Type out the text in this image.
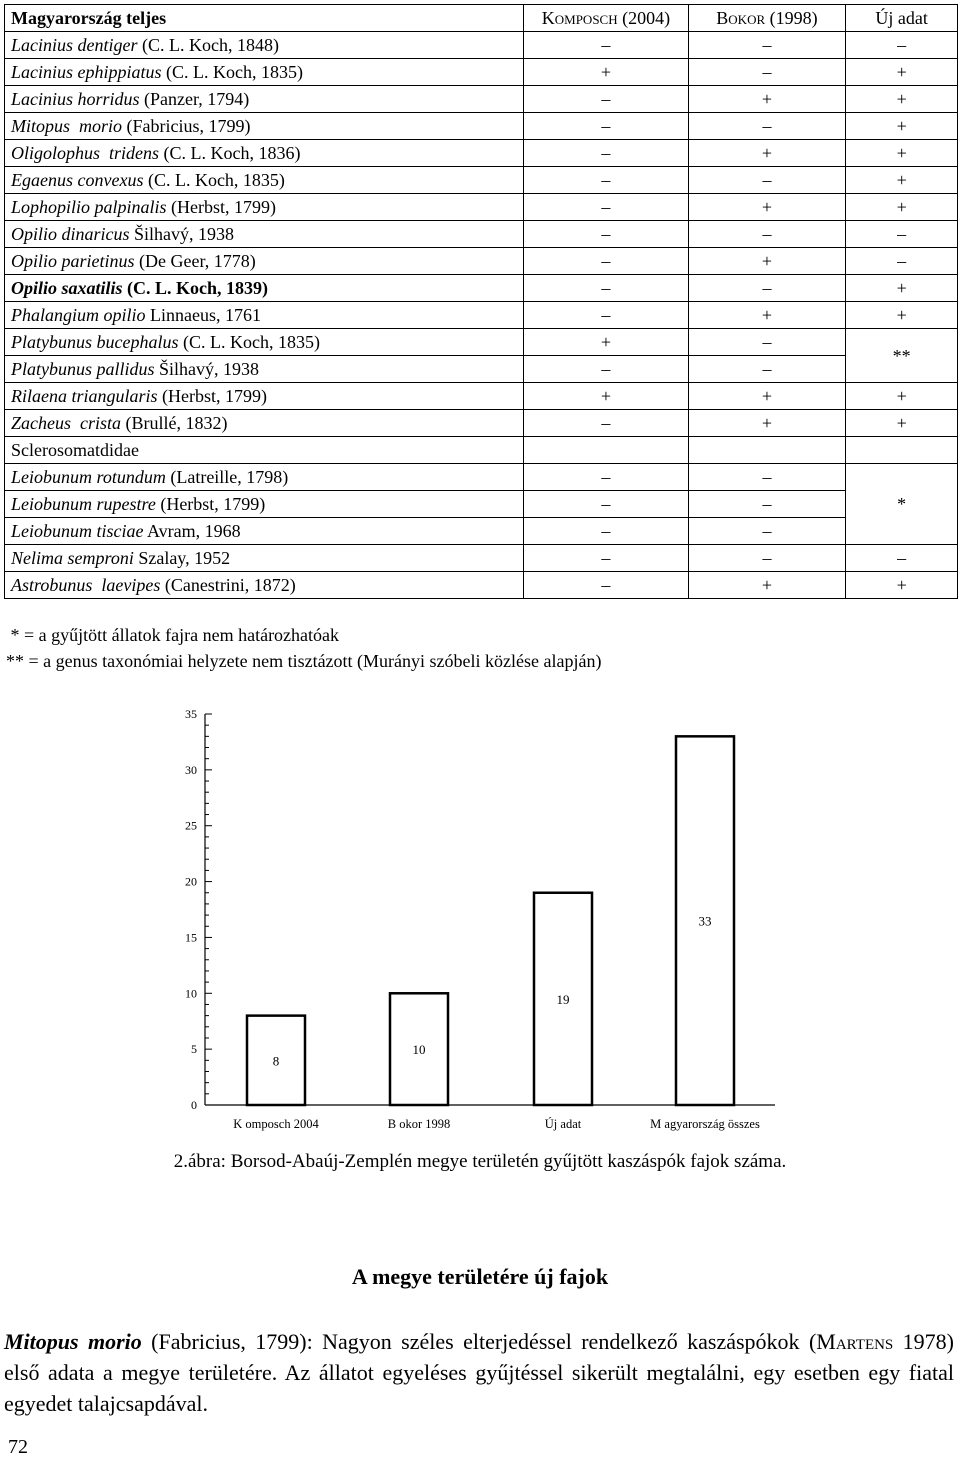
Magyarország teljes	Komposch (2004)	Bokor (1998)	Új adat
Lacinius dentiger (C. L. Koch, 1848)	–	–	–
Lacinius ephippiatus (C. L. Koch, 1835)	+	–	+
Lacinius horridus (Panzer, 1794)	–	+	+
Mitopus  morio (Fabricius, 1799)	–	–	+
Oligolophus  tridens (C. L. Koch, 1836)	–	+	+
Egaenus convexus (C. L. Koch, 1835)	–	–	+
Lophopilio palpinalis (Herbst, 1799)	–	+	+
Opilio dinaricus Šilhavý, 1938	–	–	–
Opilio parietinus (De Geer, 1778)	–	+	–
Opilio saxatilis (C. L. Koch, 1839)	–	–	+
Phalangium opilio Linnaeus, 1761	–	+	+
Platybunus bucephalus (C. L. Koch, 1835)	+	–	**
Platybunus pallidus Šilhavý, 1938	–	–	
Rilaena triangularis (Herbst, 1799)	+	+	+
Zacheus  crista (Brullé, 1832)	–	+	+
Sclerosomatdidae			
Leiobunum rotundum (Latreille, 1798)	–	–	*
Leiobunum rupestre (Herbst, 1799)	–	–	
Leiobunum tisciae Avram, 1968	–	–	
Nelima semproni Szalay, 1952	–	–	–
Astrobunus  laevipes (Canestrini, 1872)	–	+	+
* = a gyűjtött állatok fajra nem határozhatóak
** = a genus taxonómiai helyzete nem tisztázott (Murányi szóbeli közlése alapján)
0
5
10
15
20
25
30
35
8
K omposch 2004
10
B okor 1998
19
Új adat
33
M agyarország összes
2.ábra: Borsod-Abaúj-Zemplén megye területén gyűjtött kaszáspók fajok száma.
A megye területére új fajok
Mitopus morio (Fabricius, 1799): Nagyon széles elterjedéssel rendelkező kaszáspókok (Martens 1978) első adata a megye területére. Az állatot egyeléses gyűjtéssel sikerült megtalálni, egy esetben egy fiatal egyedet talajcsapdával.
72
